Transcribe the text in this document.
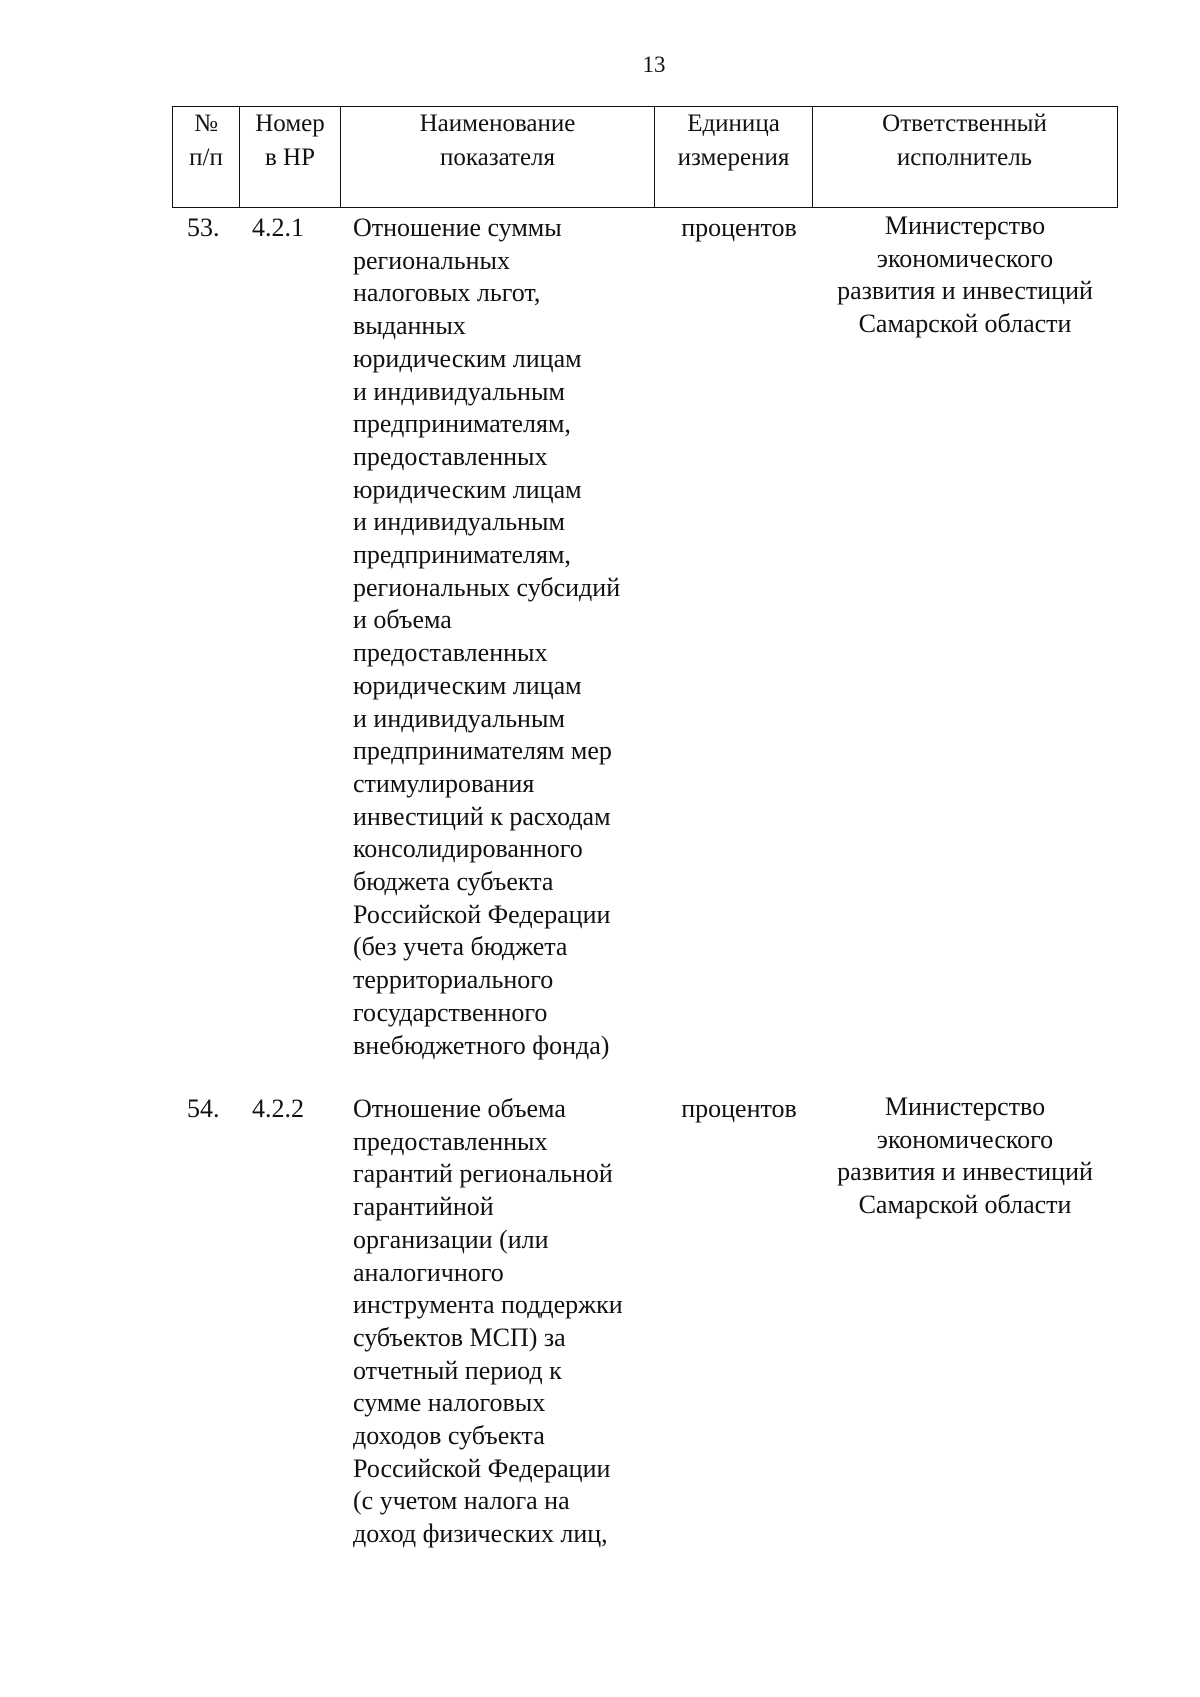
13
№
п/п
Номер
в НР
Наименование
показателя
Единица
измерения
Ответственный
исполнитель
53. 4.2.1 Отношение суммы
региональных
налоговых льгот,
выданных
юридическим лицам
и индивидуальным
предпринимателям,
предоставленных
юридическим лицам
и индивидуальным
предпринимателям,
региональных субсидий
и объема
предоставленных
юридическим лицам
и индивидуальным
предпринимателям мер
стимулирования
инвестиций к расходам
консолидированного
бюджета субъекта
Российской Федерации
(без учета бюджета
территориального
государственного
внебюджетного фонда)
процентов	Министерство
экономического
развития и инвестиций
Самарской области
54. 4.2.2 Отношение объема
предоставленных
гарантий региональной
гарантийной
организации (или
аналогичного
инструмента поддержки
субъектов МСП) за
отчетный период к
сумме налоговых
доходов субъекта
Российской Федерации
(с учетом налога на
доход физических лиц,
процентов	Министерство
экономического
развития и инвестиций
Самарской области
